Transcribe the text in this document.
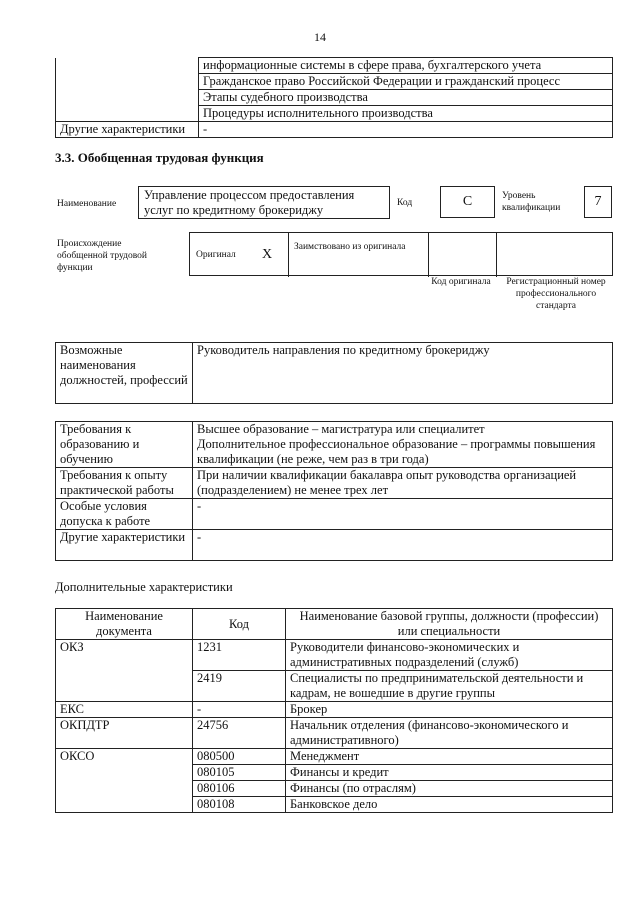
14
	информационные системы в сфере права, бухгалтерского учета
	Гражданское право Российской Федерации и гражданский процесс
	Этапы судебного производства
	Процедуры исполнительного производства
Другие характеристики	-
3.3. Обобщенная трудовая функция
Наименование
Управление процессом предоставления услуг по кредитному брокериджу	Код	C	Уровень квалификации	7
Происхождение обобщенной трудовой функции
Оригинал X Заимствовано из оригинала
Код оригинала	Регистрационный номер профессионального стандарта
Возможные наименования должностей, профессий	Руководитель направления по кредитному брокериджу
Требования к образованию и обучению	Высшее образование – магистратура или специалитет
Дополнительное профессиональное образование – программы повышения квалификации (не реже, чем раз в три года)

Требования к опыту практической работы	При наличии квалификации бакалавра опыт руководства организацией (подразделением) не менее трех лет
Особые условия допуска к работе	-
Другие характеристики	-
Дополнительные характеристики
Наименование документа	Код	Наименование базовой группы, должности (профессии) или специальности
ОКЗ	1231	Руководители финансово-экономических и административных подразделений (служб)
	2419	Специалисты по предпринимательской деятельности и кадрам, не вошедшие в другие группы
ЕКС	-	Брокер
ОКПДТР	24756	Начальник отделения (финансово-экономического и административного)
ОКСО	080500	Менеджмент
	080105	Финансы и кредит
	080106	Финансы (по отраслям)
	080108	Банковское дело
